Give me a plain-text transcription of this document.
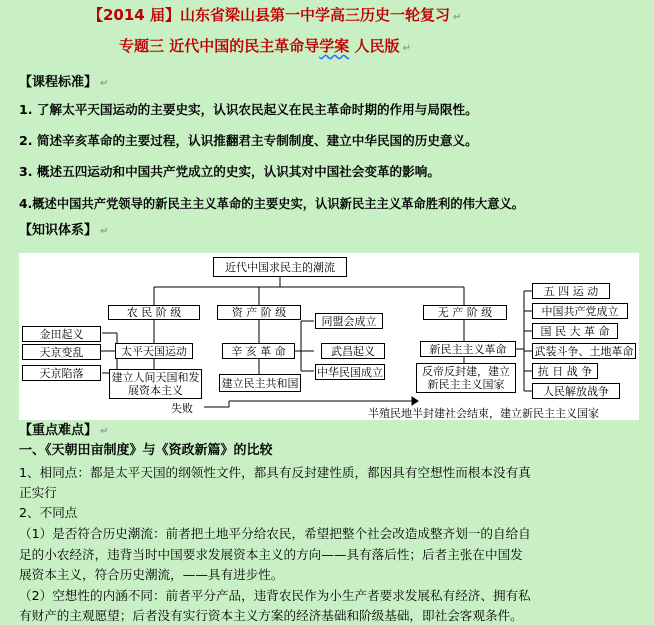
【2014 届】山东省梁山县第一中学高三历史一轮复习 ↵
专题三 近代中国的民主革命导学案 人民版 ↵
【课程标准】 ↵
1. 了解太平天国运动的主要史实，认识农民起义在民主革命时期的作用与局限性。
2. 简述辛亥革命的主要过程，认识推翻君主专制制度、建立中华民国的历史意义。
3. 概述五四运动和中国共产党成立的史实，认识其对中国社会变革的影响。
4.概述中国共产党领导的新民主主义革命的主要史实，认识新民主主义革命胜利的伟大意义。
【知识体系】 ↵
近代中国求民主的潮流
农 民 阶 级	资 产 阶 级	无 产 阶 级
金田起义
天京变乱
天京陷落
太平天国运动
建立人间天国和发展资本主义
辛 亥 革 命
建立民主共和国
同盟会成立
武昌起义
中华民国成立
新民主主义革命
反帝反封建，建立新民主主义国家
五 四 运 动
中国共产党成立
国 民 大 革 命
武装斗争、土地革命
抗 日 战 争
人民解放战争
失败	半殖民地半封建社会结束，建立新民主主义国家
【重点难点】 ↵
一、《天朝田亩制度》与《资政新篇》的比较
1、相同点：都是太平天国的纲领性文件，都具有反封建性质，都因具有空想性而根本没有真
正实行
2、不同点
（1）是否符合历史潮流：前者把土地平分给农民，希望把整个社会改造成整齐划一的自给自
足的小农经济，违背当时中国要求发展资本主义的方向——具有落后性；后者主张在中国发
展资本主义，符合历史潮流，——具有进步性。
（2）空想性的内涵不同：前者平分产品，违背农民作为小生产者要求发展私有经济、拥有私
有财产的主观愿望；后者没有实行资本主义方案的经济基础和阶级基础，即社会客观条件。
